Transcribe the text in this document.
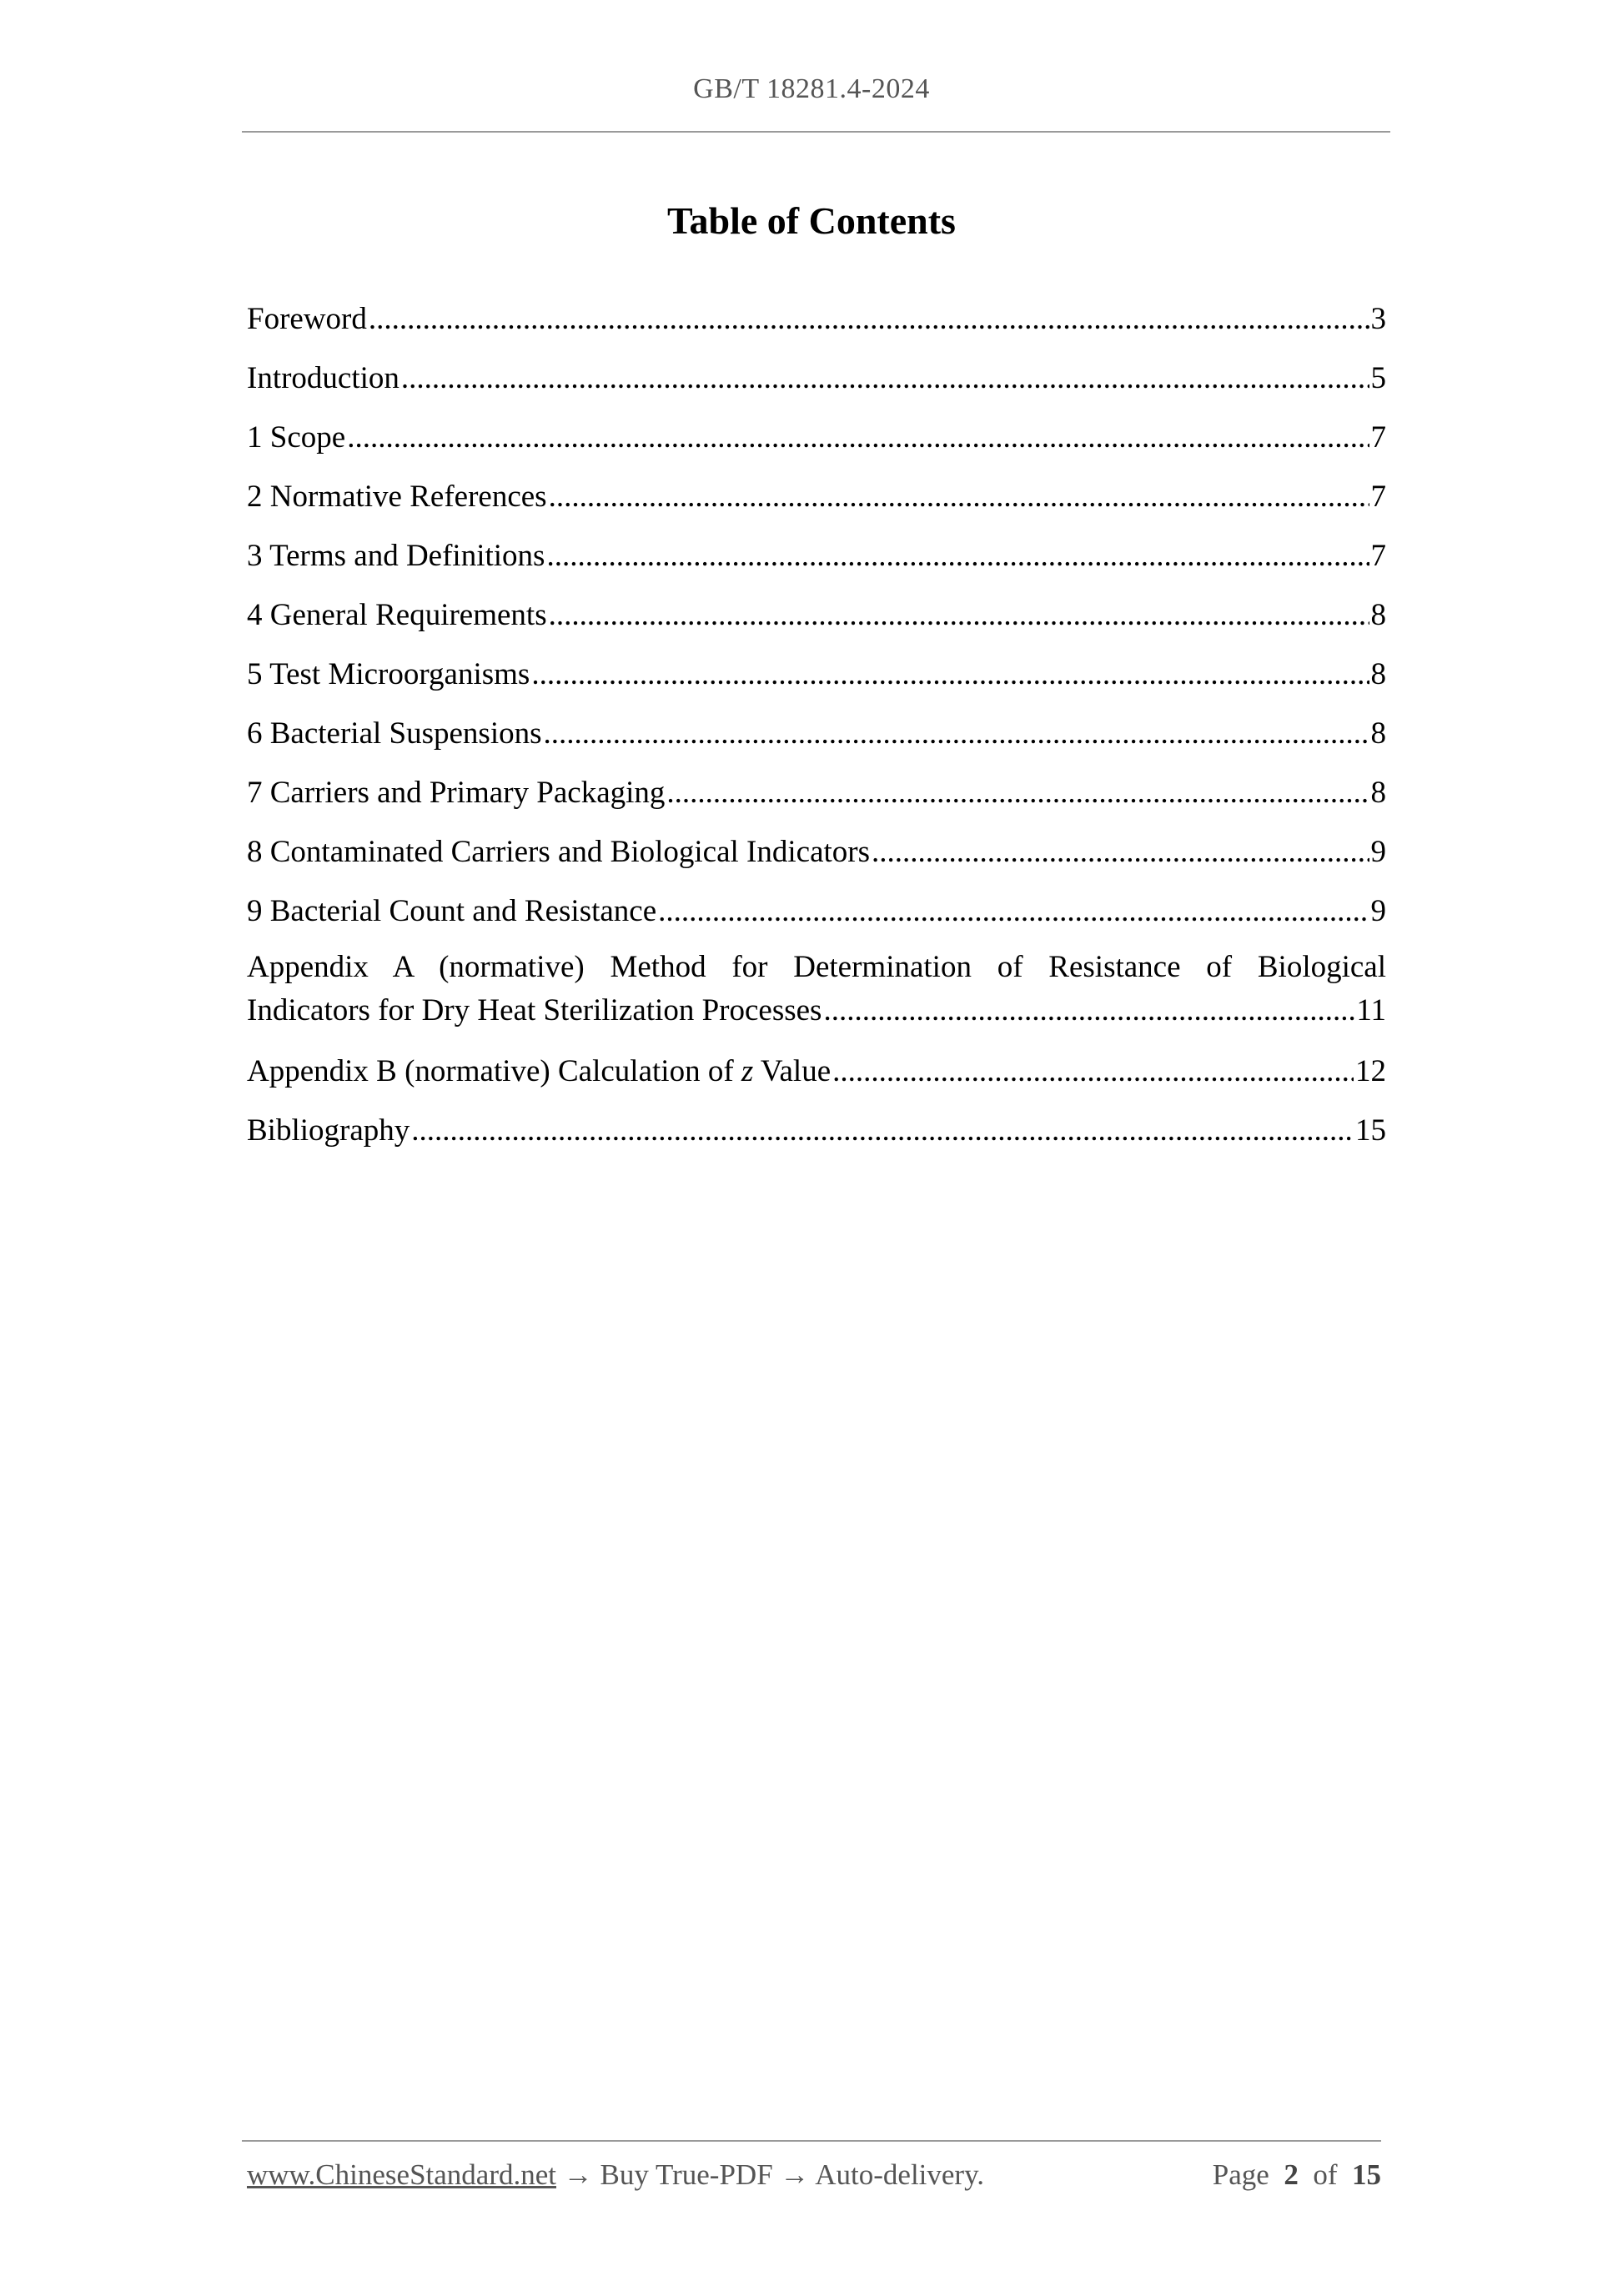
GB/T 18281.4-2024
Table of Contents
Foreword .....	3
Introduction .....	5
1 Scope .....	7
2 Normative References .....	7
3 Terms and Definitions .....	7
4 General Requirements .....	8
5 Test Microorganisms .....	8
6 Bacterial Suspensions .....	8
7 Carriers and Primary Packaging .....	8
8 Contaminated Carriers and Biological Indicators .....	9
9 Bacterial Count and Resistance .....	9
Appendix A (normative) Method for Determination of Resistance of Biological
Indicators for Dry Heat Sterilization Processes .....	11
Appendix B (normative) Calculation of z Value .....	12
Bibliography .....	15
www.ChineseStandard.net → Buy True-PDF → Auto-delivery.	Page 2 of 15
